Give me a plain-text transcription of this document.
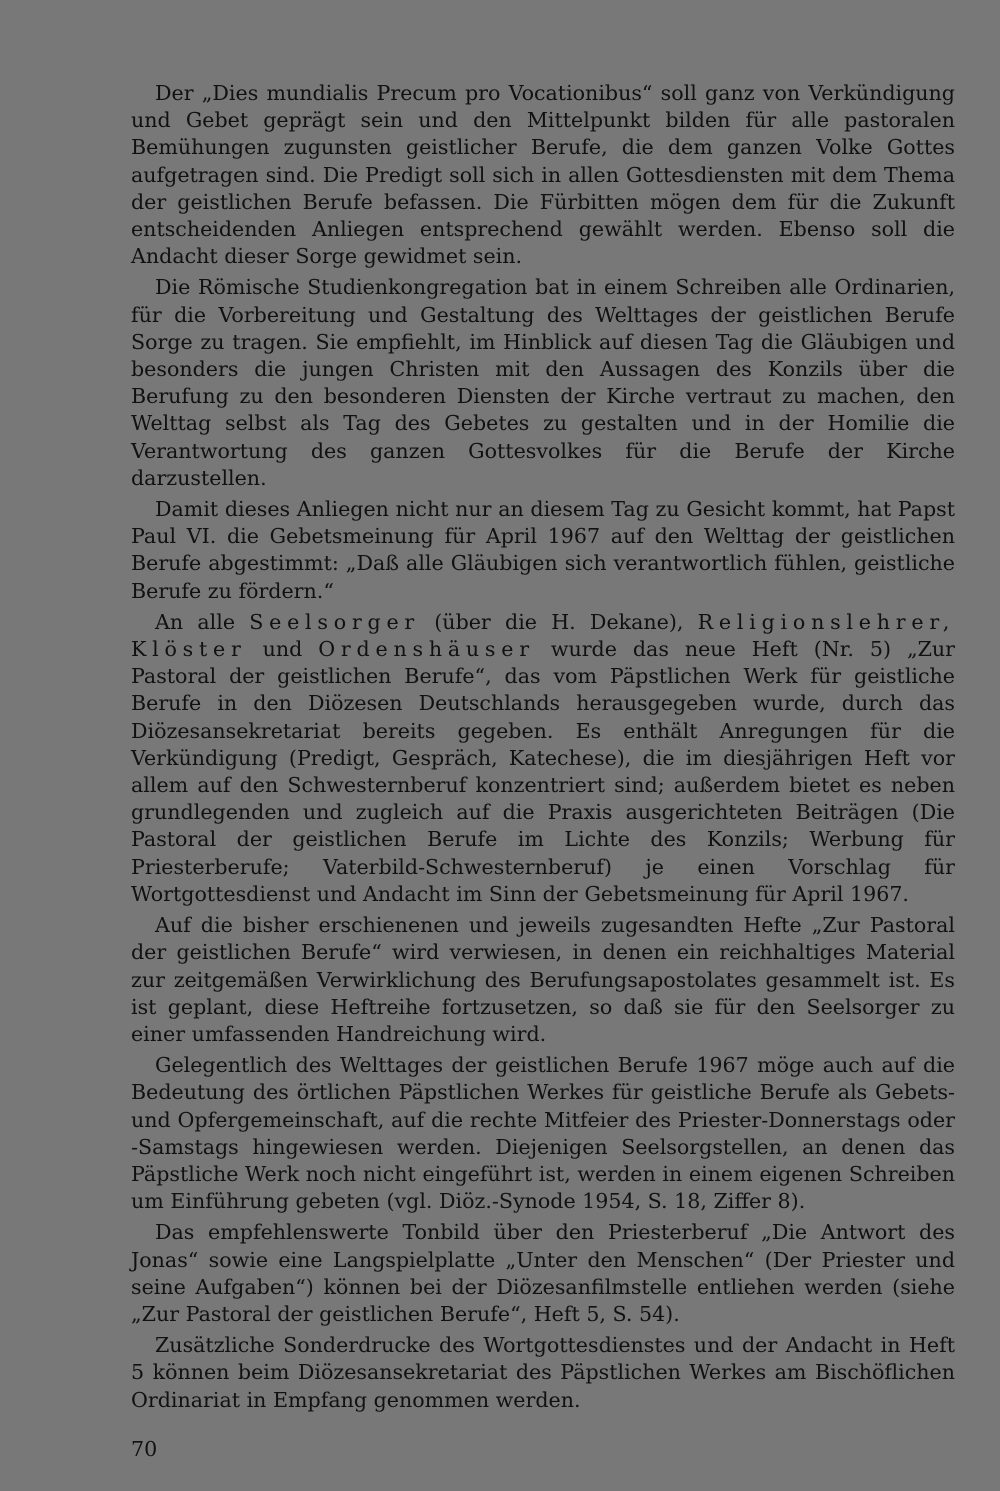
Der „Dies mundialis Precum pro Vocationibus“ soll ganz von Verkündigung und Gebet geprägt sein und den Mittelpunkt bilden für alle pastoralen Bemühungen zugunsten geistlicher Berufe, die dem ganzen Volke Gottes aufgetragen sind. Die Predigt soll sich in allen Gottesdiensten mit dem Thema der geistlichen Berufe befassen. Die Fürbitten mögen dem für die Zukunft entscheidenden Anliegen entsprechend gewählt werden. Ebenso soll die Andacht dieser Sorge gewidmet sein.

Die Römische Studienkongregation bat in einem Schreiben alle Ordinarien, für die Vorbereitung und Gestaltung des Welttages der geistlichen Berufe Sorge zu tragen. Sie empfiehlt, im Hinblick auf diesen Tag die Gläubigen und besonders die jungen Christen mit den Aussagen des Konzils über die Berufung zu den besonderen Diensten der Kirche vertraut zu machen, den Welttag selbst als Tag des Gebetes zu gestalten und in der Homilie die Verantwortung des ganzen Gottesvolkes für die Berufe der Kirche darzustellen.

Damit dieses Anliegen nicht nur an diesem Tag zu Gesicht kommt, hat Papst Paul VI. die Gebetsmeinung für April 1967 auf den Welttag der geistlichen Berufe abgestimmt: „Daß alle Gläubigen sich verantwortlich fühlen, geistliche Berufe zu fördern.“

An alle Seelsorger (über die H. Dekane), Religionslehrer, Klöster und Ordenshäuser wurde das neue Heft (Nr. 5) „Zur Pastoral der geistlichen Berufe“, das vom Päpstlichen Werk für geistliche Berufe in den Diözesen Deutschlands herausgegeben wurde, durch das Diözesansekretariat bereits gegeben. Es enthält Anregungen für die Verkündigung (Predigt, Gespräch, Katechese), die im diesjährigen Heft vor allem auf den Schwesternberuf konzentriert sind; außerdem bietet es neben grundlegenden und zugleich auf die Praxis ausgerichteten Beiträgen (Die Pastoral der geistlichen Berufe im Lichte des Konzils; Werbung für Priesterberufe; Vaterbild-Schwesternberuf) je einen Vorschlag für Wortgottesdienst und Andacht im Sinn der Gebetsmeinung für April 1967.

Auf die bisher erschienenen und jeweils zugesandten Hefte „Zur Pastoral der geistlichen Berufe“ wird verwiesen, in denen ein reichhaltiges Material zur zeitgemäßen Verwirklichung des Berufungsapostolates gesammelt ist. Es ist geplant, diese Heftreihe fortzusetzen, so daß sie für den Seelsorger zu einer umfassenden Handreichung wird.

Gelegentlich des Welttages der geistlichen Berufe 1967 möge auch auf die Bedeutung des örtlichen Päpstlichen Werkes für geistliche Berufe als Gebets- und Opfergemeinschaft, auf die rechte Mitfeier des Priester-Donnerstags oder -Samstags hingewiesen werden. Diejenigen Seelsorgstellen, an denen das Päpstliche Werk noch nicht eingeführt ist, werden in einem eigenen Schreiben um Einführung gebeten (vgl. Diöz.-Synode 1954, S. 18, Ziffer 8).

Das empfehlenswerte Tonbild über den Priesterberuf „Die Antwort des Jonas“ sowie eine Langspielplatte „Unter den Menschen“ (Der Priester und seine Aufgaben“) können bei der Diözesanfilmstelle entliehen werden (siehe „Zur Pastoral der geistlichen Berufe“, Heft 5, S. 54).

Zusätzliche Sonderdrucke des Wortgottesdienstes und der Andacht in Heft 5 können beim Diözesansekretariat des Päpstlichen Werkes am Bischöflichen Ordinariat in Empfang genommen werden.

70
